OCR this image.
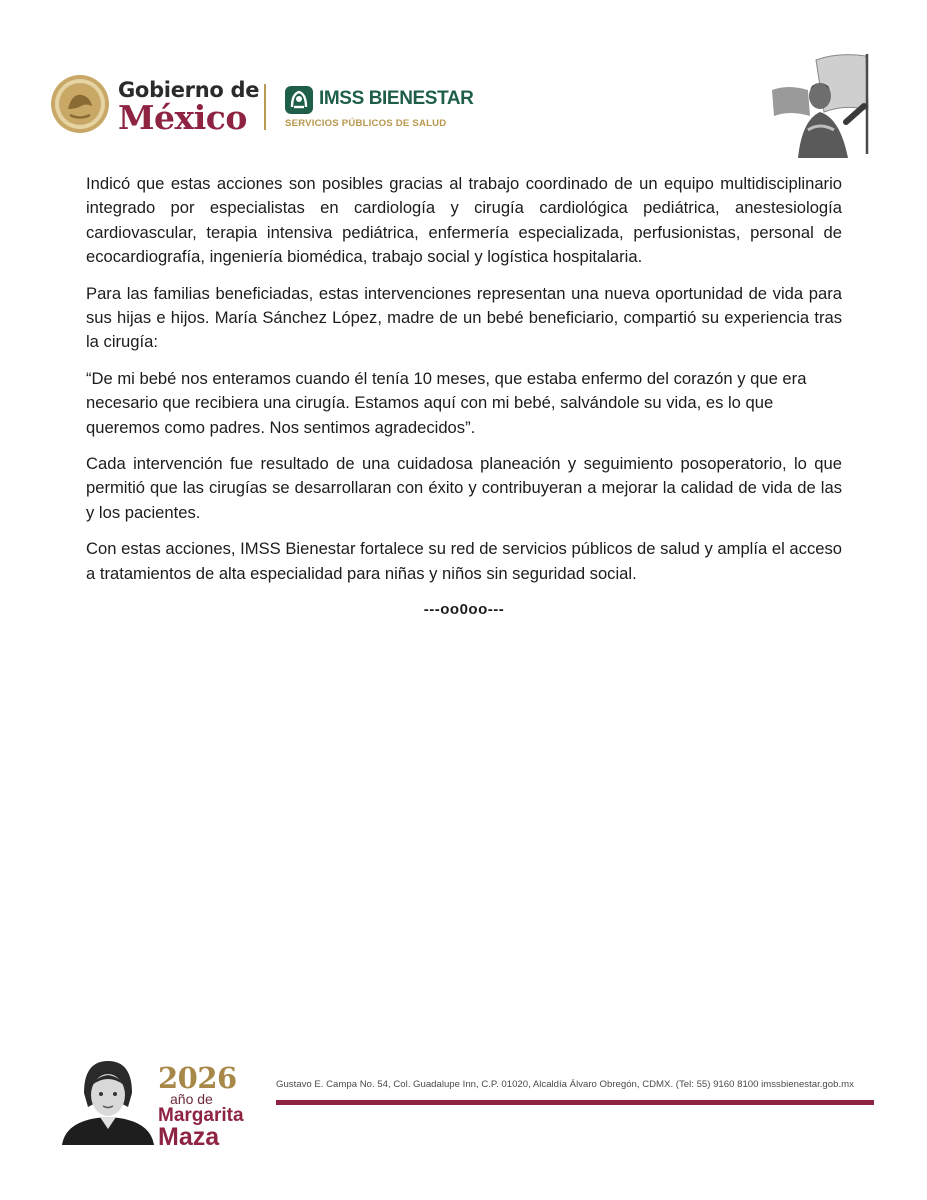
Gobierno de
México	IMSS BIENESTAR
SERVICIOS PÚBLICOS DE SALUD

Indicó que estas acciones son posibles gracias al trabajo coordinado de un equipo multidisciplinario integrado por especialistas en cardiología y cirugía cardiológica pediátrica, anestesiología cardiovascular, terapia intensiva pediátrica, enfermería especializada, perfusionistas, personal de ecocardiografía, ingeniería biomédica, trabajo social y logística hospitalaria.

Para las familias beneficiadas, estas intervenciones representan una nueva oportunidad de vida para sus hijas e hijos. María Sánchez López, madre de un bebé beneficiario, compartió su experiencia tras la cirugía:

“De mi bebé nos enteramos cuando él tenía 10 meses, que estaba enfermo del corazón y que era necesario que recibiera una cirugía. Estamos aquí con mi bebé, salvándole su vida, es lo que queremos como padres. Nos sentimos agradecidos”.

Cada intervención fue resultado de una cuidadosa planeación y seguimiento posoperatorio, lo que permitió que las cirugías se desarrollaran con éxito y contribuyeran a mejorar la calidad de vida de las y los pacientes.

Con estas acciones, IMSS Bienestar fortalece su red de servicios públicos de salud y amplía el acceso a tratamientos de alta especialidad para niñas y niños sin seguridad social.

---oo0oo---

2026
año de
Margarita
Maza
Gustavo E. Campa No. 54, Col. Guadalupe Inn, C.P. 01020, Alcaldía Álvaro Obregón, CDMX. (Tel: 55) 9160 8100 imssbienestar.gob.mx
